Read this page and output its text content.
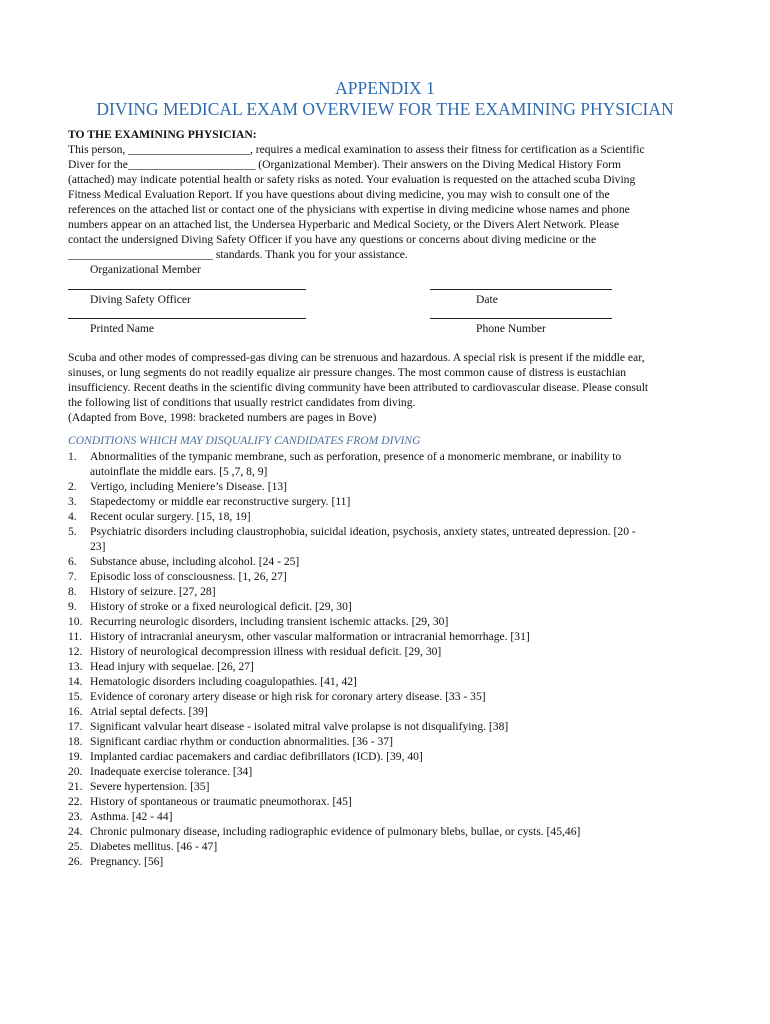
APPENDIX 1
DIVING MEDICAL EXAM OVERVIEW FOR THE EXAMINING PHYSICIAN
TO THE EXAMINING PHYSICIAN:
This person, _____________________, requires a medical examination to assess their fitness for certification as a Scientific
Diver for the______________________ (Organizational Member). Their answers on the Diving Medical History Form
(attached) may indicate potential health or safety risks as noted. Your evaluation is requested on the attached scuba Diving
Fitness Medical Evaluation Report. If you have questions about diving medicine, you may wish to consult one of the
references on the attached list or contact one of the physicians with expertise in diving medicine whose names and phone
numbers appear on an attached list, the Undersea Hyperbaric and Medical Society, or the Divers Alert Network. Please
contact the undersigned Diving Safety Officer if you have any questions or concerns about diving medicine or the
_________________________ standards. Thank you for your assistance.
Organizational Member
Diving Safety Officer	Date
Printed Name	Phone Number
Scuba and other modes of compressed-gas diving can be strenuous and hazardous. A special risk is present if the middle ear,
sinuses, or lung segments do not readily equalize air pressure changes. The most common cause of distress is eustachian
insufficiency. Recent deaths in the scientific diving community have been attributed to cardiovascular disease. Please consult
the following list of conditions that usually restrict candidates from diving.
(Adapted from Bove, 1998: bracketed numbers are pages in Bove)
CONDITIONS WHICH MAY DISQUALIFY CANDIDATES FROM DIVING
1. Abnormalities of the tympanic membrane, such as perforation, presence of a monomeric membrane, or inability to
autoinflate the middle ears. [5 ,7, 8, 9]
2. Vertigo, including Meniere’s Disease. [13]
3. Stapedectomy or middle ear reconstructive surgery. [11]
4. Recent ocular surgery. [15, 18, 19]
5. Psychiatric disorders including claustrophobia, suicidal ideation, psychosis, anxiety states, untreated depression. [20 -
23]
6. Substance abuse, including alcohol. [24 - 25]
7. Episodic loss of consciousness. [1, 26, 27]
8. History of seizure. [27, 28]
9. History of stroke or a fixed neurological deficit. [29, 30]
10. Recurring neurologic disorders, including transient ischemic attacks. [29, 30]
11. History of intracranial aneurysm, other vascular malformation or intracranial hemorrhage. [31]
12. History of neurological decompression illness with residual deficit. [29, 30]
13. Head injury with sequelae. [26, 27]
14. Hematologic disorders including coagulopathies. [41, 42]
15. Evidence of coronary artery disease or high risk for coronary artery disease. [33 - 35]
16. Atrial septal defects. [39]
17. Significant valvular heart disease - isolated mitral valve prolapse is not disqualifying. [38]
18. Significant cardiac rhythm or conduction abnormalities. [36 - 37]
19. Implanted cardiac pacemakers and cardiac defibrillators (ICD). [39, 40]
20. Inadequate exercise tolerance. [34]
21. Severe hypertension. [35]
22. History of spontaneous or traumatic pneumothorax. [45]
23. Asthma. [42 - 44]
24. Chronic pulmonary disease, including radiographic evidence of pulmonary blebs, bullae, or cysts. [45,46]
25. Diabetes mellitus. [46 - 47]
26. Pregnancy. [56]
